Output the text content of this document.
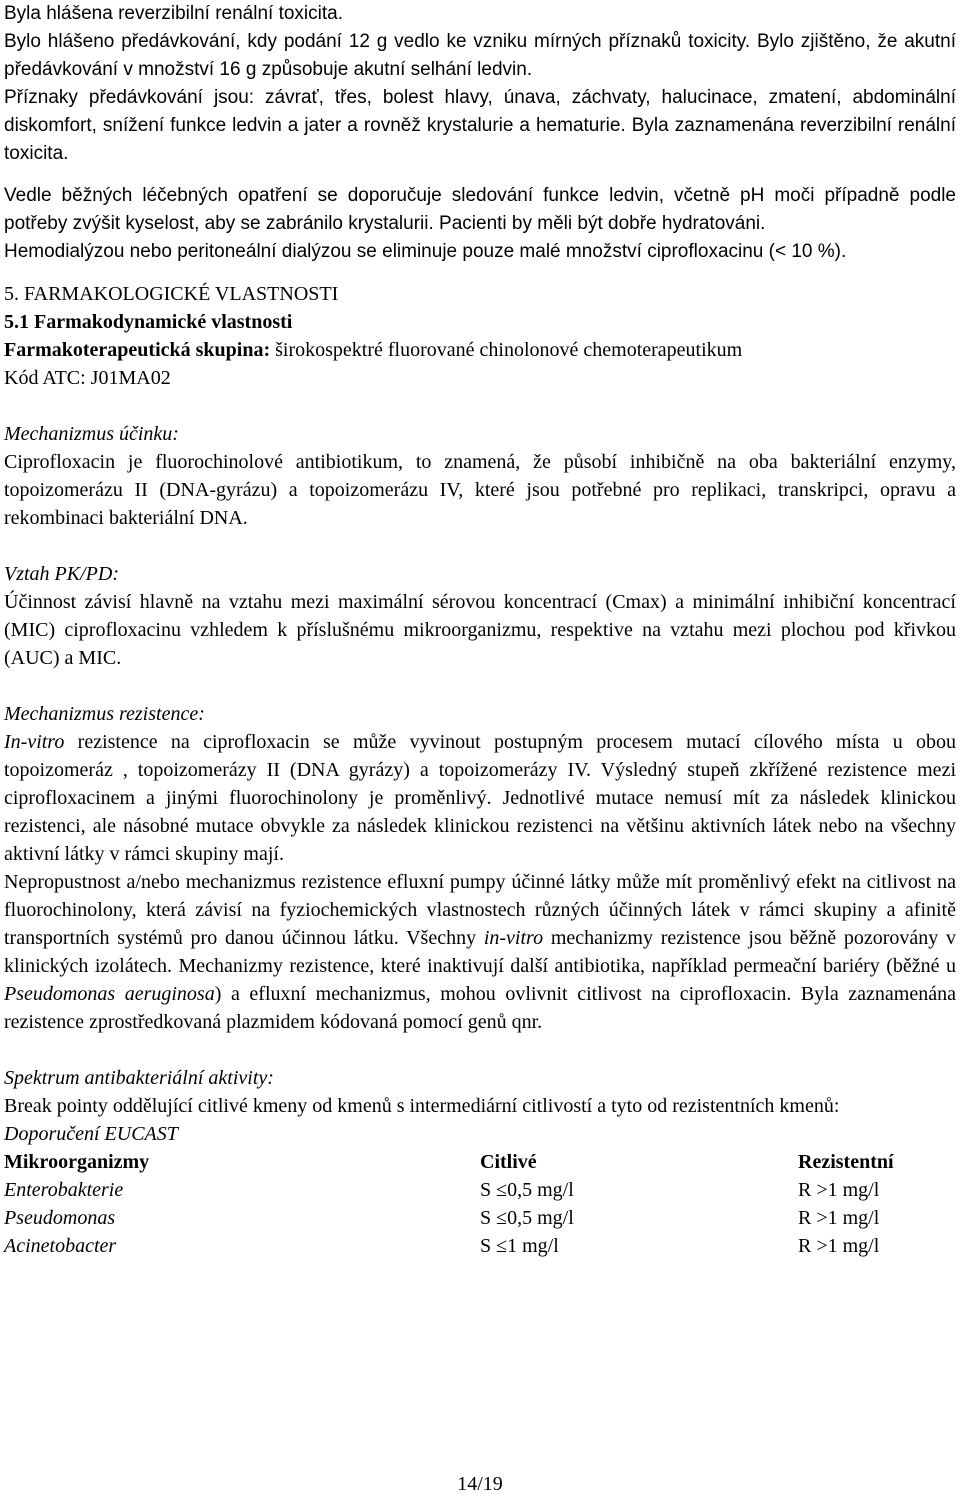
Byla hlášena reverzibilní renální toxicita.

Bylo hlášeno předávkování, kdy podání 12 g vedlo ke vzniku mírných příznaků toxicity. Bylo zjištěno, že akutní předávkování v množství 16 g způsobuje akutní selhání ledvin.

Příznaky předávkování jsou: závrať, třes, bolest hlavy, únava, záchvaty, halucinace, zmatení, abdominální diskomfort, snížení funkce ledvin a jater a rovněž krystalurie a hematurie. Byla zaznamenána reverzibilní renální toxicita.

Vedle běžných léčebných opatření se doporučuje sledování funkce ledvin, včetně pH moči případně podle potřeby zvýšit kyselost, aby se zabránilo krystalurii. Pacienti by měli být dobře hydratováni.

Hemodialýzou nebo peritoneální dialýzou se eliminuje pouze malé množství ciprofloxacinu (< 10 %).

5. FARMAKOLOGICKÉ VLASTNOSTI

5.1 Farmakodynamické vlastnosti

Farmakoterapeutická skupina: širokospektré fluorované chinolonové chemoterapeutikum

Kód ATC: J01MA02

Mechanizmus účinku:

Ciprofloxacin je fluorochinolové antibiotikum, to znamená, že působí inhibičně na oba bakteriální enzymy, topoizomerázu II (DNA-gyrázu) a topoizomerázu IV, které jsou potřebné pro replikaci, transkripci, opravu a rekombinaci bakteriální DNA.

Vztah PK/PD:

Účinnost závisí hlavně na vztahu mezi maximální sérovou koncentrací (Cmax) a minimální inhibiční koncentrací (MIC) ciprofloxacinu vzhledem k příslušnému mikroorganizmu, respektive na vztahu mezi plochou pod křivkou (AUC) a MIC.

Mechanizmus rezistence:

In-vitro rezistence na ciprofloxacin se může vyvinout postupným procesem mutací cílového místa u obou topoizomeráz , topoizomerázy II (DNA gyrázy) a topoizomerázy IV. Výsledný stupeň zkřížené rezistence mezi ciprofloxacinem a jinými fluorochinolony je proměnlivý. Jednotlivé mutace nemusí mít za následek klinickou rezistenci, ale násobné mutace obvykle za následek klinickou rezistenci na většinu aktivních látek nebo na všechny aktivní látky v rámci skupiny mají.

Nepropustnost a/nebo mechanizmus rezistence efluxní pumpy účinné látky může mít proměnlivý efekt na citlivost na fluorochinolony, která závisí na fyziochemických vlastnostech různých účinných látek v rámci skupiny a afinitě transportních systémů pro danou účinnou látku. Všechny in-vitro mechanizmy rezistence jsou běžně pozorovány v klinických izolátech. Mechanizmy rezistence, které inaktivují další antibiotika, například permeační bariéry (běžné u Pseudomonas aeruginosa) a efluxní mechanizmus, mohou ovlivnit citlivost na ciprofloxacin. Byla zaznamenána rezistence zprostředkovaná plazmidem kódovaná pomocí genů qnr.

Spektrum antibakteriální aktivity:

Break pointy oddělující citlivé kmeny od kmenů s intermediární citlivostí a tyto od rezistentních kmenů:

Doporučení EUCAST

Mikroorganizmy	Citlivé	Rezistentní
Enterobakterie	S ≤0,5 mg/l	R >1 mg/l
Pseudomonas	S ≤0,5 mg/l	R >1 mg/l
Acinetobacter	S ≤1 mg/l	R >1 mg/l
14/19
